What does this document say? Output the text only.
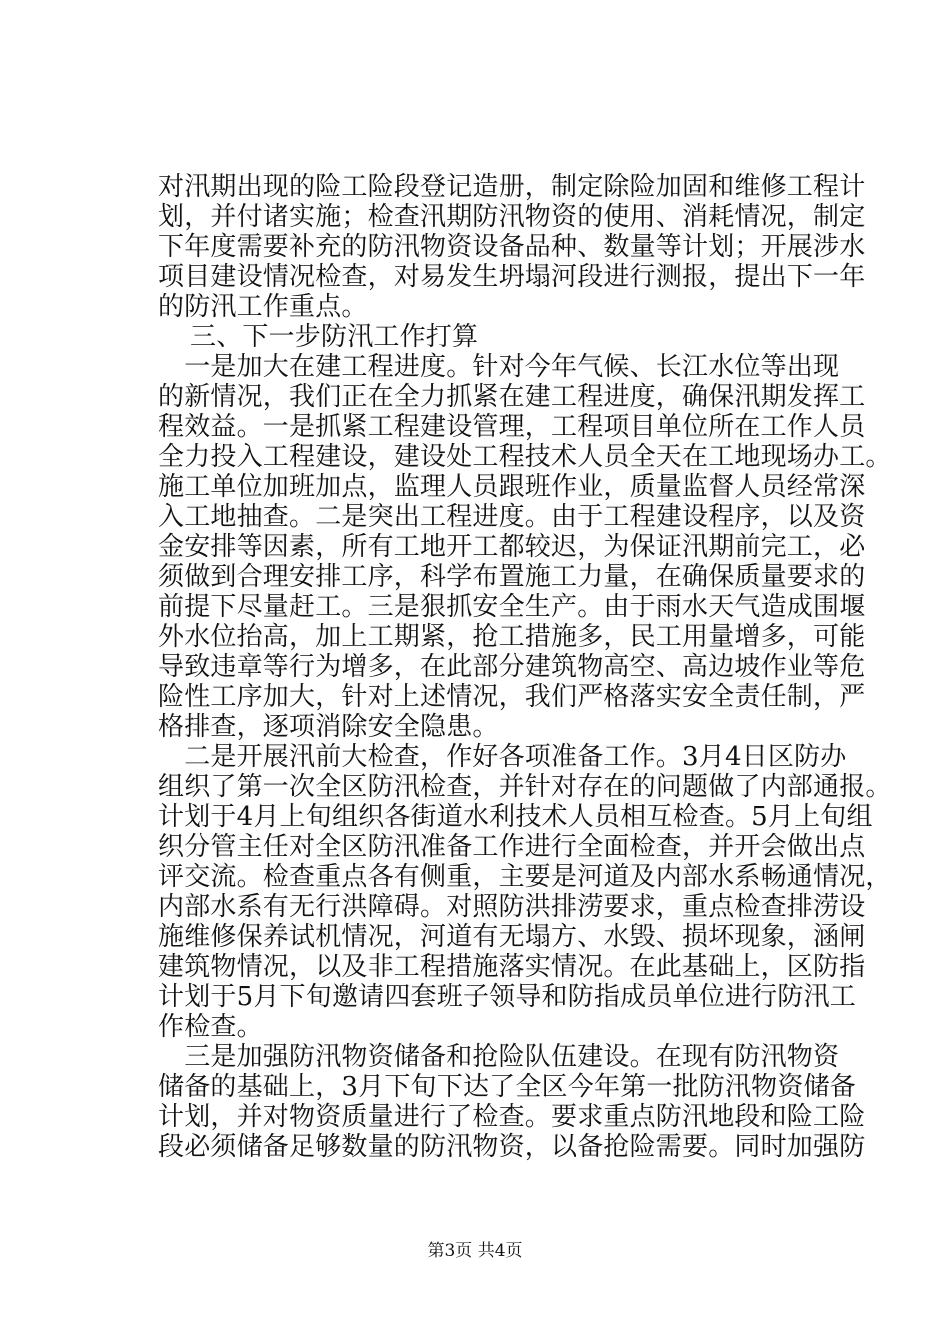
对汛期出现的险工险段登记造册，制定除险加固和维修工程计
划，并付诸实施；检查汛期防汛物资的使用、消耗情况，制定
下年度需要补充的防汛物资设备品种、数量等计划；开展涉水
项目建设情况检查，对易发生坍塌河段进行测报，提出下一年
的防汛工作重点。
三、下一步防汛工作打算
　一是加大在建工程进度。针对今年气候、长江水位等出现
的新情况，我们正在全力抓紧在建工程进度，确保汛期发挥工
程效益。一是抓紧工程建设管理，工程项目单位所在工作人员
全力投入工程建设，建设处工程技术人员全天在工地现场办工。
施工单位加班加点，监理人员跟班作业，质量监督人员经常深
入工地抽查。二是突出工程进度。由于工程建设程序，以及资
金安排等因素，所有工地开工都较迟，为保证汛期前完工，必
须做到合理安排工序，科学布置施工力量，在确保质量要求的
前提下尽量赶工。三是狠抓安全生产。由于雨水天气造成围堰
外水位抬高，加上工期紧，抢工措施多，民工用量增多，可能
导致违章等行为增多，在此部分建筑物高空、高边坡作业等危
险性工序加大，针对上述情况，我们严格落实安全责任制，严
格排查，逐项消除安全隐患。
　二是开展汛前大检查，作好各项准备工作。3月4日区防办
组织了第一次全区防汛检查，并针对存在的问题做了内部通报。
计划于4月上旬组织各街道水利技术人员相互检查。5月上旬组
织分管主任对全区防汛准备工作进行全面检查，并开会做出点
评交流。检查重点各有侧重，主要是河道及内部水系畅通情况，
内部水系有无行洪障碍。对照防洪排涝要求，重点检查排涝设
施维修保养试机情况，河道有无塌方、水毁、损坏现象，涵闸
建筑物情况，以及非工程措施落实情况。在此基础上，区防指
计划于5月下旬邀请四套班子领导和防指成员单位进行防汛工
作检查。
　三是加强防汛物资储备和抢险队伍建设。在现有防汛物资
储备的基础上，3月下旬下达了全区今年第一批防汛物资储备
计划，并对物资质量进行了检查。要求重点防汛地段和险工险
段必须储备足够数量的防汛物资，以备抢险需要。同时加强防
第3页 共4页
